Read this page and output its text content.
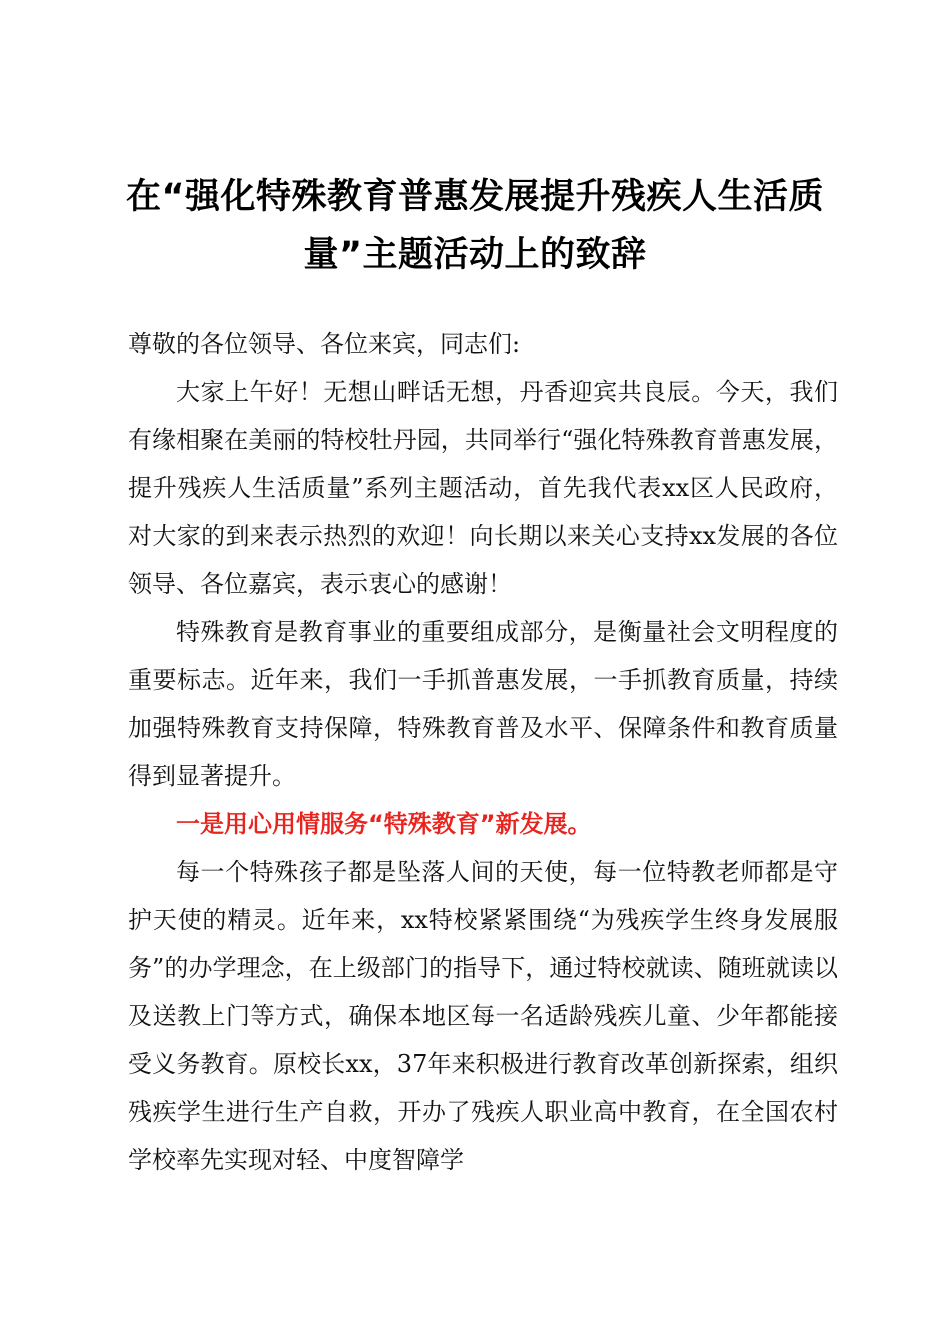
在“强化特殊教育普惠发展提升残疾人生活质
量”主题活动上的致辞

尊敬的各位领导、各位来宾，同志们:

大家上午好！无想山畔话无想，丹香迎宾共良辰。今天，我们有缘相聚在美丽的特校牡丹园，共同举行“强化特殊教育普惠发展，提升残疾人生活质量”系列主题活动，首先我代表xx区人民政府，对大家的到来表示热烈的欢迎！向长期以来关心支持xx发展的各位领导、各位嘉宾，表示衷心的感谢！

特殊教育是教育事业的重要组成部分，是衡量社会文明程度的重要标志。近年来，我们一手抓普惠发展，一手抓教育质量，持续加强特殊教育支持保障，特殊教育普及水平、保障条件和教育质量得到显著提升。

一是用心用情服务“特殊教育”新发展。

每一个特殊孩子都是坠落人间的天使，每一位特教老师都是守护天使的精灵。近年来，xx特校紧紧围绕“为残疾学生终身发展服务”的办学理念，在上级部门的指导下，通过特校就读、随班就读以及送教上门等方式，确保本地区每一名适龄残疾儿童、少年都能接受义务教育。原校长xx，37年来积极进行教育改革创新探索，组织残疾学生进行生产自救，开办了残疾人职业高中教育，在全国农村学校率先实现对轻、中度智障学
